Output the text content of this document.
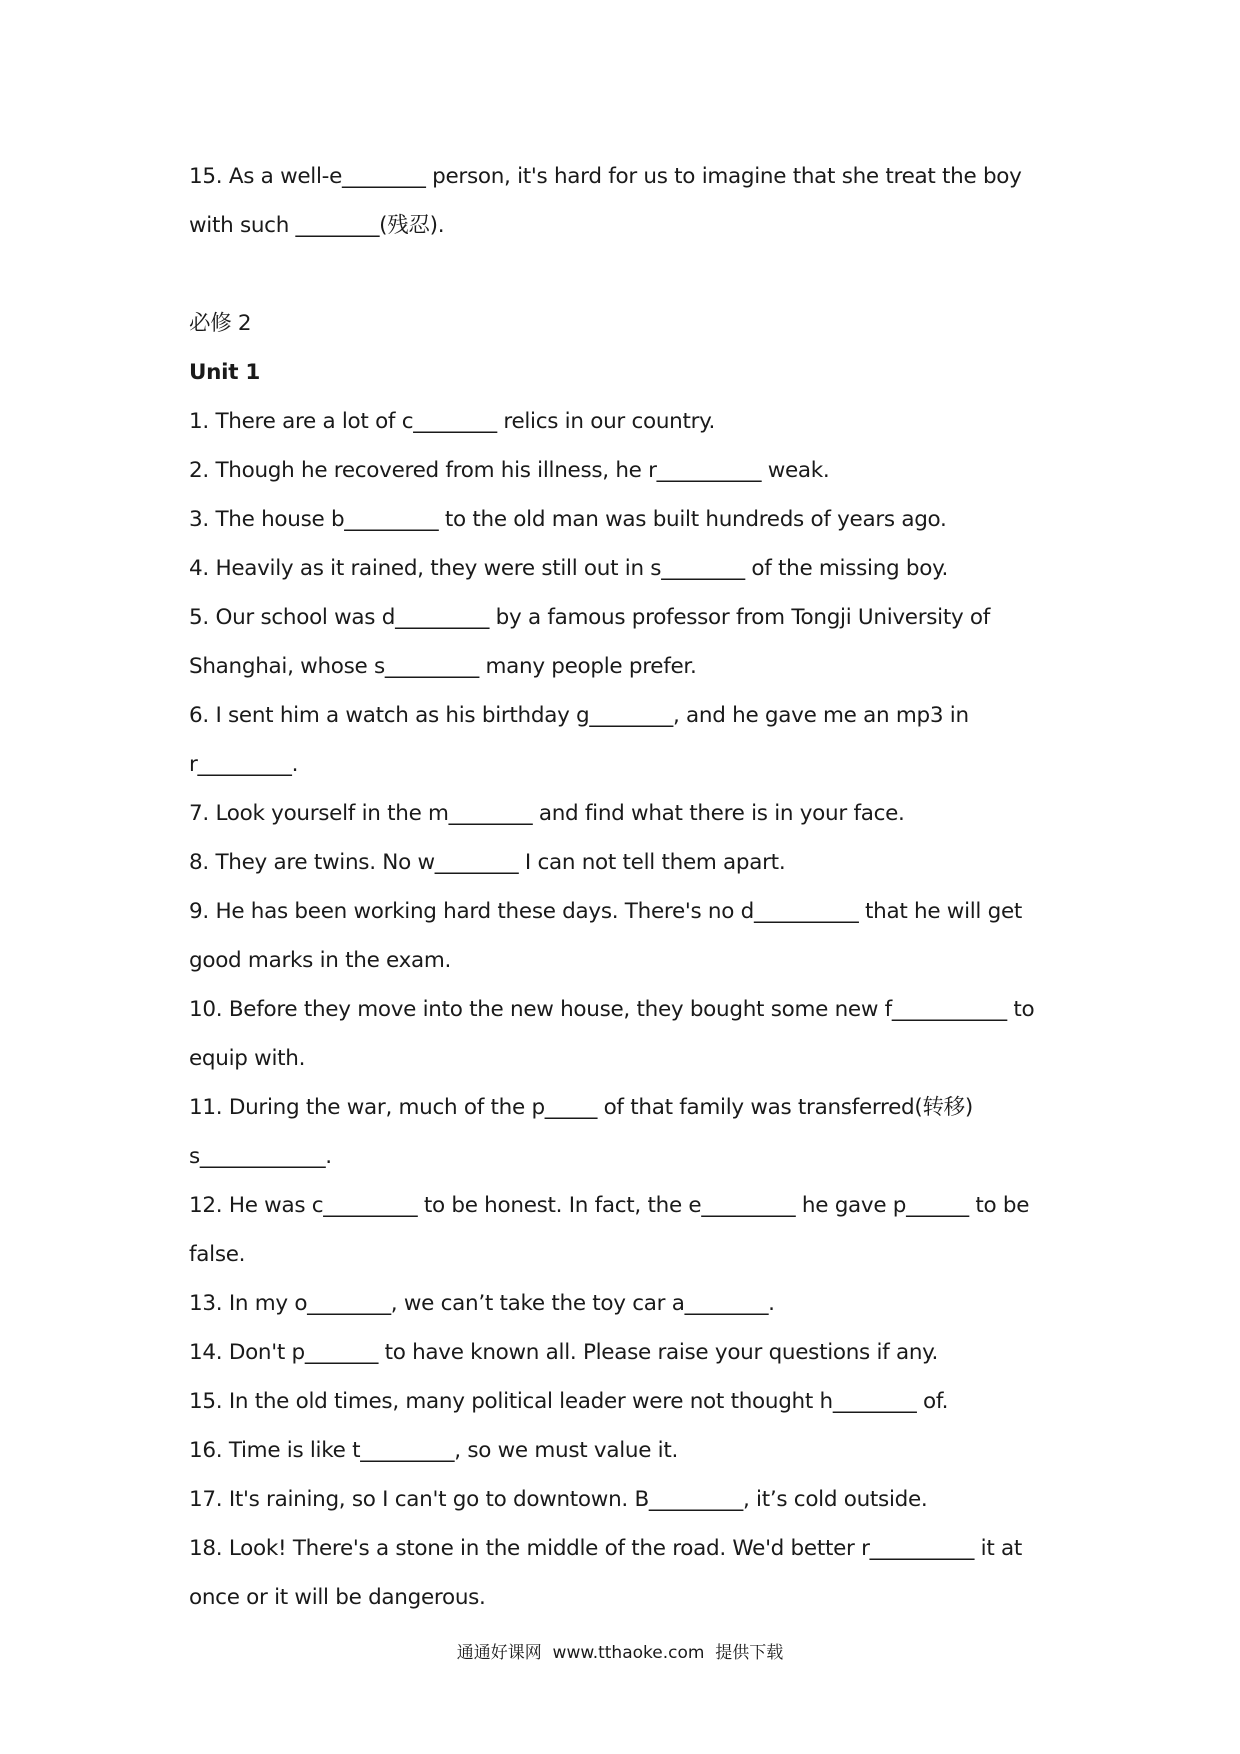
15. As a well-e________ person, it's hard for us to imagine that she treat the boy
with such ________(残忍).
必修 2
Unit 1
1. There are a lot of c________ relics in our country.
2. Though he recovered from his illness, he r__________ weak.
3. The house b_________ to the old man was built hundreds of years ago.
4. Heavily as it rained, they were still out in s________ of the missing boy.
5. Our school was d_________ by a famous professor from Tongji University of
Shanghai, whose s_________ many people prefer.
6. I sent him a watch as his birthday g________, and he gave me an mp3 in
r_________.
7. Look yourself in the m________ and find what there is in your face.
8. They are twins. No w________ I can not tell them apart.
9. He has been working hard these days. There's no d__________ that he will get
good marks in the exam.
10. Before they move into the new house, they bought some new f___________ to
equip with.
11. During the war, much of the p_____ of that family was transferred(转移)
s____________.
12. He was c_________ to be honest. In fact, the e_________ he gave p______ to be
false.
13. In my o________, we can’t take the toy car a________.
14. Don't p_______ to have known all. Please raise your questions if any.
15. In the old times, many political leader were not thought h________ of.
16. Time is like t_________, so we must value it.
17. It's raining, so I can't go to downtown. B_________, it’s cold outside.
18. Look! There's a stone in the middle of the road. We'd better r__________ it at
once or it will be dangerous.
通通好课网  www.tthaoke.com  提供下载
